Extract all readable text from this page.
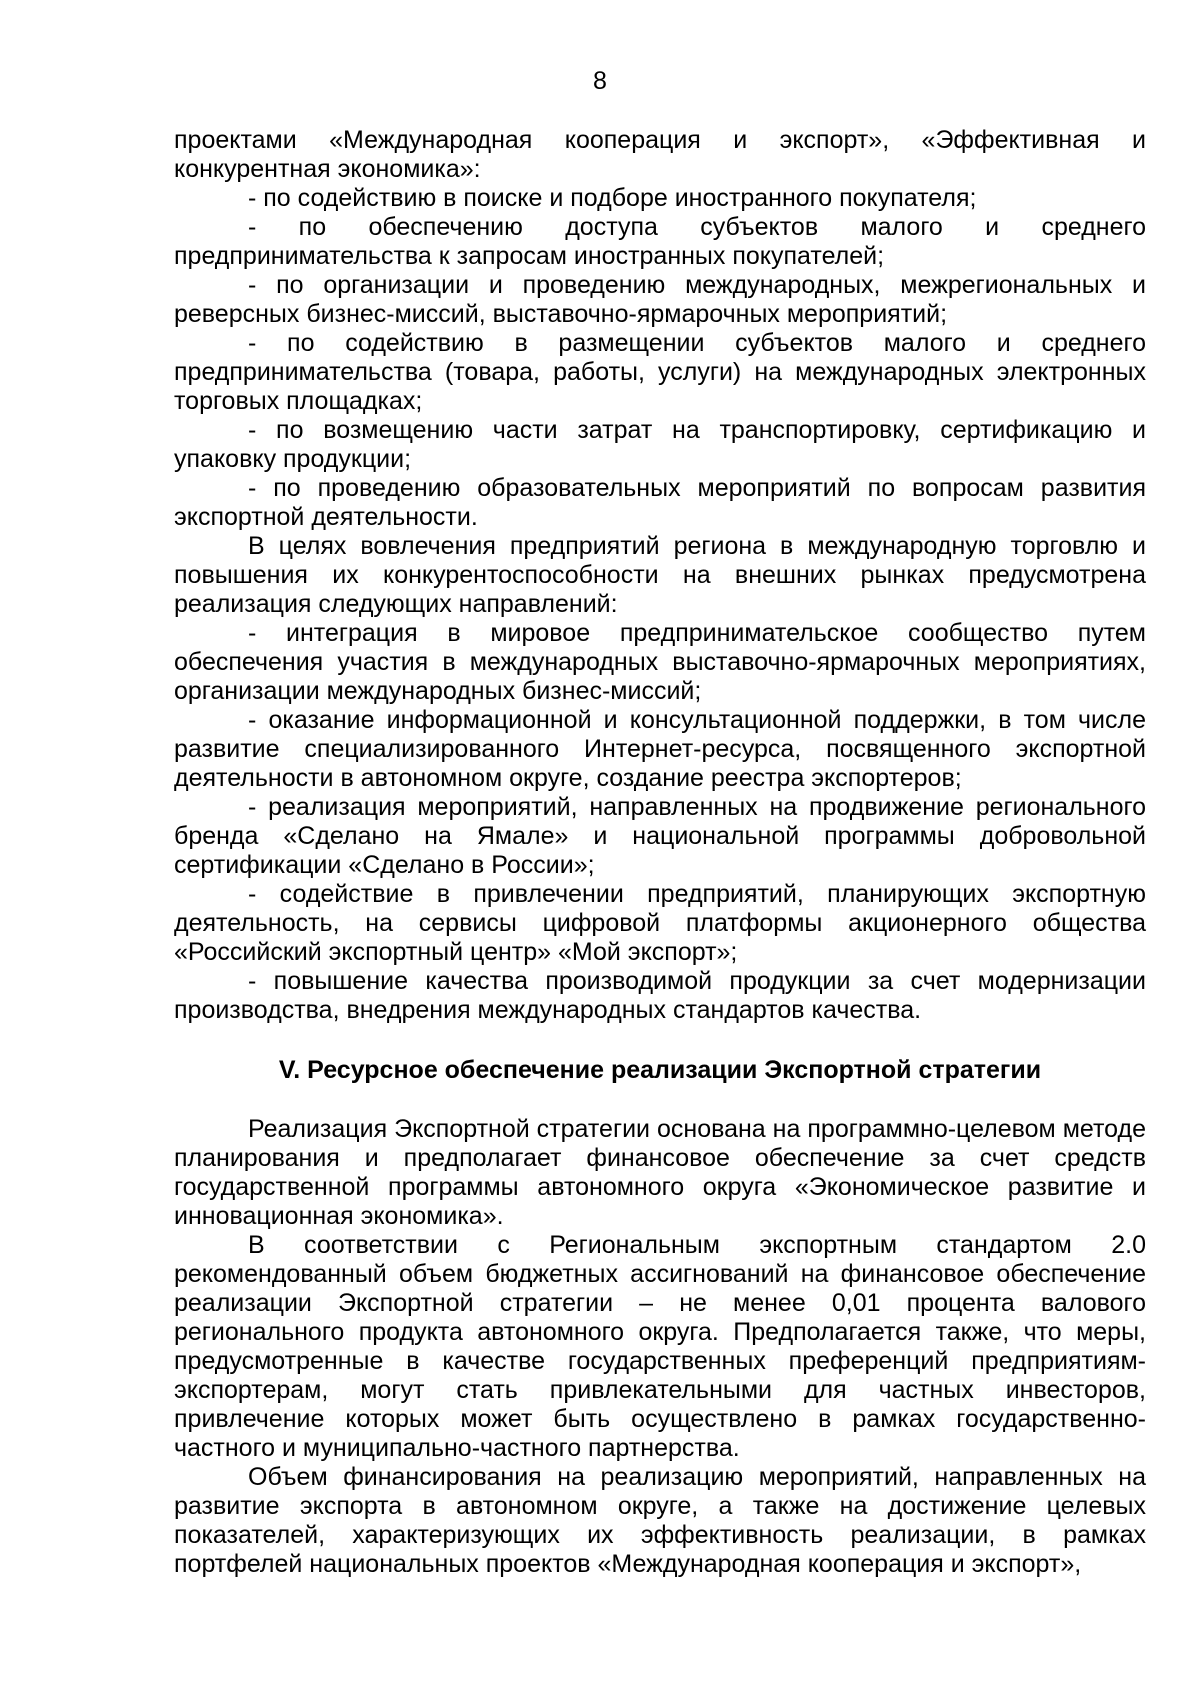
8

проектами «Международная кооперация и экспорт», «Эффективная и конкурентная экономика»:

- по содействию в поиске и подборе иностранного покупателя;

- по обеспечению доступа субъектов малого и среднего предпринимательства к запросам иностранных покупателей;

- по организации и проведению международных, межрегиональных и реверсных бизнес-миссий, выставочно-ярмарочных мероприятий;

- по содействию в размещении субъектов малого и среднего предпринимательства (товара, работы, услуги) на международных электронных торговых площадках;

- по возмещению части затрат на транспортировку, сертификацию и упаковку продукции;

- по проведению образовательных мероприятий по вопросам развития экспортной деятельности.

В целях вовлечения предприятий региона в международную торговлю и повышения их конкурентоспособности на внешних рынках предусмотрена реализация следующих направлений:

- интеграция в мировое предпринимательское сообщество путем обеспечения участия в международных выставочно-ярмарочных мероприятиях, организации международных бизнес-миссий;

- оказание информационной и консультационной поддержки, в том числе развитие специализированного Интернет-ресурса, посвященного экспортной деятельности в автономном округе, создание реестра экспортеров;

- реализация мероприятий, направленных на продвижение регионального бренда «Сделано на Ямале» и национальной программы добровольной сертификации «Сделано в России»;

- содействие в привлечении предприятий, планирующих экспортную деятельность, на сервисы цифровой платформы акционерного общества «Российский экспортный центр» «Мой экспорт»;

- повышение качества производимой продукции за счет модернизации производства, внедрения международных стандартов качества.

V. Ресурсное обеспечение реализации Экспортной стратегии

Реализация Экспортной стратегии основана на программно-целевом методе планирования и предполагает финансовое обеспечение за счет средств государственной программы автономного округа «Экономическое развитие и инновационная экономика».

В соответствии с Региональным экспортным стандартом 2.0 рекомендованный объем бюджетных ассигнований на финансовое обеспечение реализации Экспортной стратегии – не менее 0,01 процента валового регионального продукта автономного округа. Предполагается также, что меры, предусмотренные в качестве государственных преференций предприятиям-экспортерам, могут стать привлекательными для частных инвесторов, привлечение которых может быть осуществлено в рамках государственно-частного и муниципально-частного партнерства.

Объем финансирования на реализацию мероприятий, направленных на развитие экспорта в автономном округе, а также на достижение целевых показателей, характеризующих их эффективность реализации, в рамках портфелей национальных проектов «Международная кооперация и экспорт»,
